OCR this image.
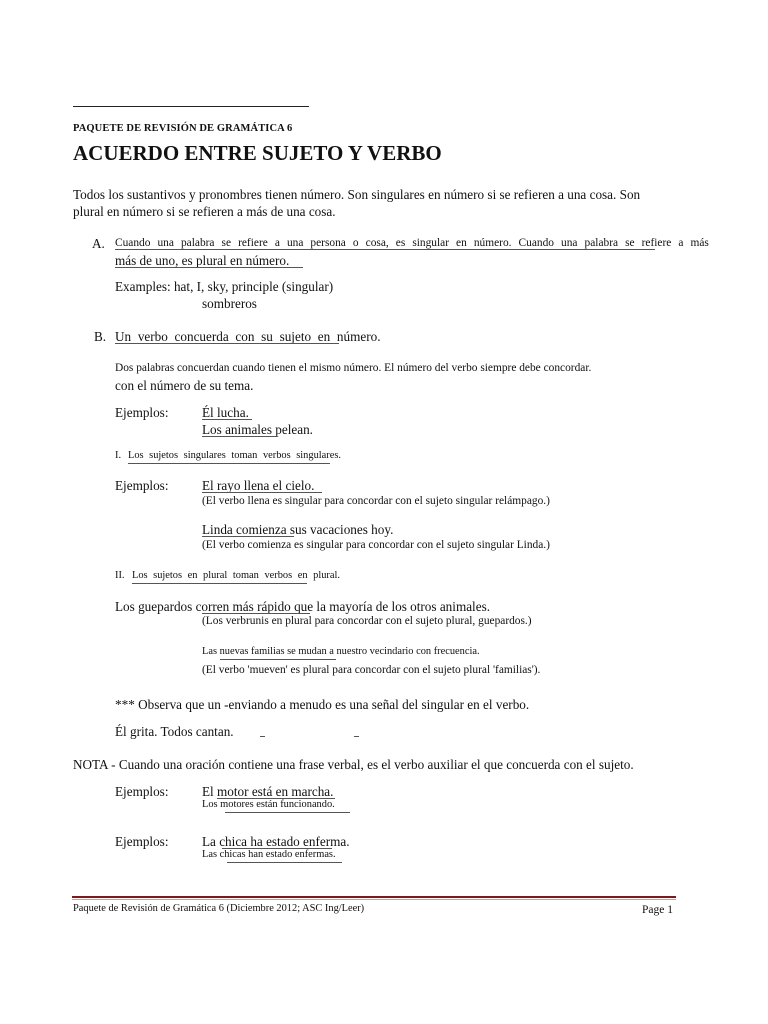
PAQUETE DE REVISIÓN DE GRAMÁTICA 6
ACUERDO ENTRE SUJETO Y VERBO
Todos los sustantivos y pronombres tienen número. Son singulares en número si se refieren a una cosa. Son
plural en número si se refieren a más de una cosa.
A. Cuando una palabra se refiere a una persona o cosa, es singular en número. Cuando una palabra se refiere a más
más de uno, es plural en número.
Examples: hat, I, sky, principle (singular)
sombreros
B. Un verbo concuerda con su sujeto en número.
Dos palabras concuerdan cuando tienen el mismo número. El número del verbo siempre debe concordar.
con el número de su tema.
Ejemplos:	Él lucha.
Los animales pelean.
I. Los sujetos singulares toman verbos singulares.
Ejemplos:	El rayo llena el cielo.
(El verbo llena es singular para concordar con el sujeto singular relámpago.)
Linda comienza sus vacaciones hoy.
(El verbo comienza es singular para concordar con el sujeto singular Linda.)
II. Los sujetos en plural toman verbos en plural.
Los guepardos corren más rápido que la mayoría de los otros animales.
(Los verbrunis en plural para concordar con el sujeto plural, guepardos.)
Las nuevas familias se mudan a nuestro vecindario con frecuencia.
(El verbo 'mueven' es plural para concordar con el sujeto plural 'familias').
*** Observa que un -enviando a menudo es una señal del singular en el verbo.
Él grita. Todos cantan.
NOTA - Cuando una oración contiene una frase verbal, es el verbo auxiliar el que concuerda con el sujeto.
Ejemplos:	El motor está en marcha.
Los motores están funcionando.
Ejemplos:	La chica ha estado enferma.
Las chicas han estado enfermas.
Paquete de Revisión de Gramática 6 (Diciembre 2012; ASC Ing/Leer)	Page 1
